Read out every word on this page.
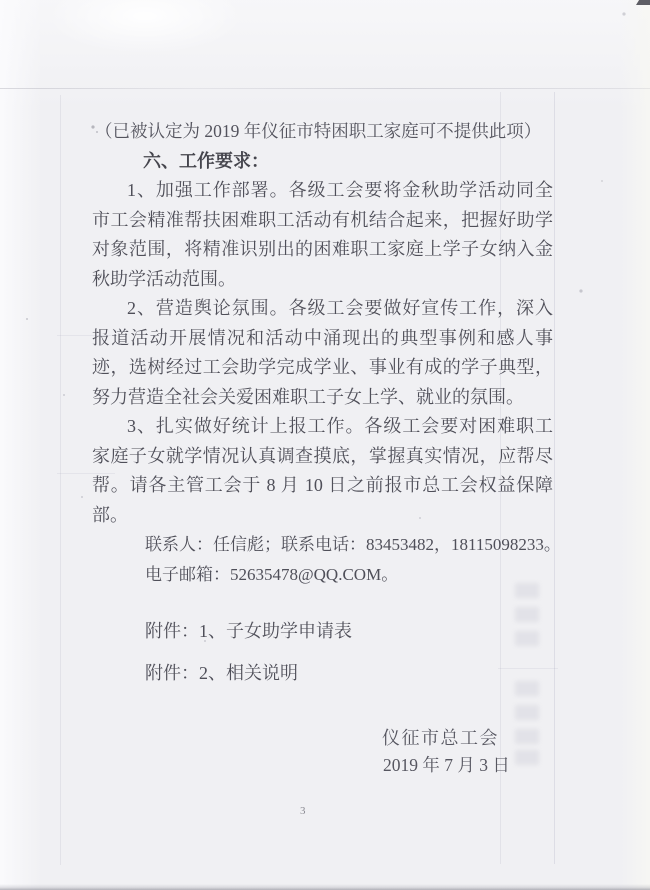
（已被认定为 2019 年仪征市特困职工家庭可不提供此项）
六、工作要求：
1、加强工作部署。各级工会要将金秋助学活动同全
市工会精准帮扶困难职工活动有机结合起来，把握好助学
对象范围，将精准识别出的困难职工家庭上学子女纳入金
秋助学活动范围。
2、营造舆论氛围。各级工会要做好宣传工作，深入
报道活动开展情况和活动中涌现出的典型事例和感人事
迹，选树经过工会助学完成学业、事业有成的学子典型，
努力营造全社会关爱困难职工子女上学、就业的氛围。
3、扎实做好统计上报工作。各级工会要对困难职工
家庭子女就学情况认真调查摸底，掌握真实情况，应帮尽
帮。请各主管工会于 8 月 10 日之前报市总工会权益保障
部。
联系人：任信彪；联系电话：83453482，18115098233。
电子邮箱：52635478@QQ.COM。
附件：1、子女助学申请表
附件：2、相关说明
仪征市总工会
2019 年 7 月 3 日
3
